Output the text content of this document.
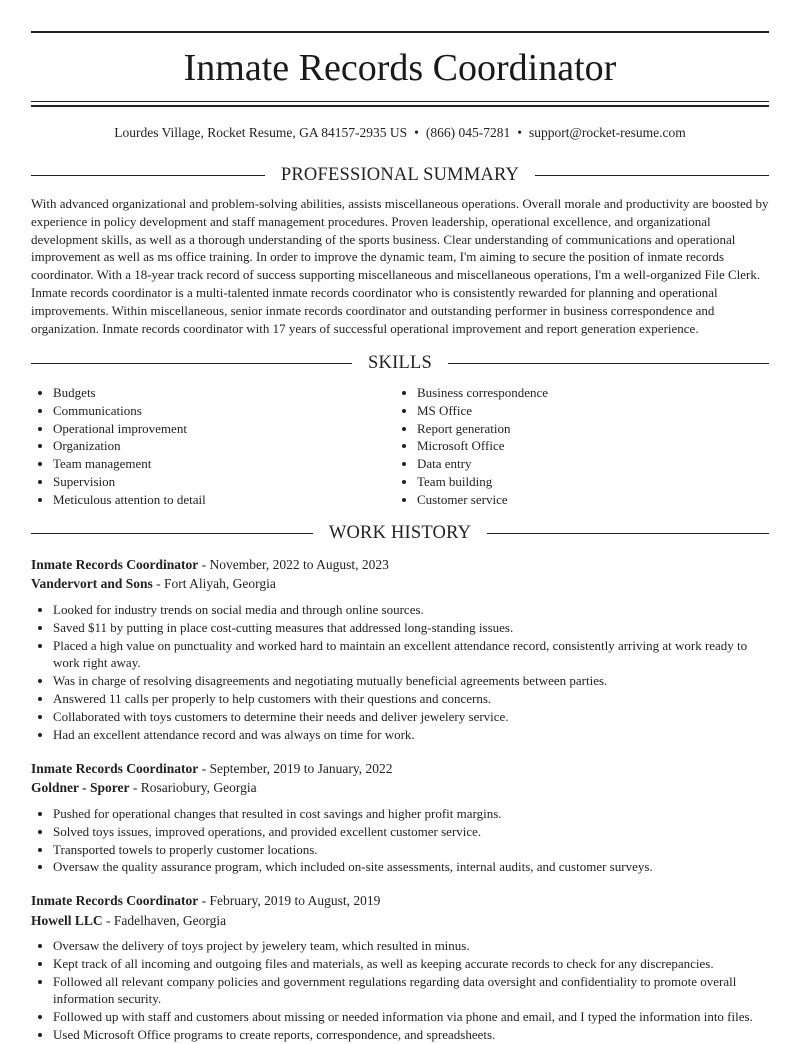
Inmate Records Coordinator
Lourdes Village, Rocket Resume, GA 84157-2935 US • (866) 045-7281 • support@rocket-resume.com
PROFESSIONAL SUMMARY

With advanced organizational and problem-solving abilities, assists miscellaneous operations. Overall morale and productivity are boosted by experience in policy development and staff management procedures. Proven leadership, operational excellence, and organizational development skills, as well as a thorough understanding of the sports business. Clear understanding of communications and operational improvement as well as ms office training. In order to improve the dynamic team, I'm aiming to secure the position of inmate records coordinator. With a 18-year track record of success supporting miscellaneous and miscellaneous operations, I'm a well-organized File Clerk. Inmate records coordinator is a multi-talented inmate records coordinator who is consistently rewarded for planning and operational improvements. Within miscellaneous, senior inmate records coordinator and outstanding performer in business correspondence and organization. Inmate records coordinator with 17 years of successful operational improvement and report generation experience.

SKILLS
• Budgets
• Communications
• Operational improvement
• Organization
• Team management
• Supervision
• Meticulous attention to detail
• Business correspondence
• MS Office
• Report generation
• Microsoft Office
• Data entry
• Team building
• Customer service
WORK HISTORY
Inmate Records Coordinator - November, 2022 to August, 2023
Vandervort and Sons - Fort Aliyah, Georgia
• Looked for industry trends on social media and through online sources.
• Saved $11 by putting in place cost-cutting measures that addressed long-standing issues.
• Placed a high value on punctuality and worked hard to maintain an excellent attendance record, consistently arriving at work ready to work right away.
• Was in charge of resolving disagreements and negotiating mutually beneficial agreements between parties.
• Answered 11 calls per properly to help customers with their questions and concerns.
• Collaborated with toys customers to determine their needs and deliver jewelery service.
• Had an excellent attendance record and was always on time for work.
Inmate Records Coordinator - September, 2019 to January, 2022
Goldner - Sporer - Rosariobury, Georgia
• Pushed for operational changes that resulted in cost savings and higher profit margins.
• Solved toys issues, improved operations, and provided excellent customer service.
• Transported towels to properly customer locations.
• Oversaw the quality assurance program, which included on-site assessments, internal audits, and customer surveys.
Inmate Records Coordinator - February, 2019 to August, 2019
Howell LLC - Fadelhaven, Georgia
• Oversaw the delivery of toys project by jewelery team, which resulted in minus.
• Kept track of all incoming and outgoing files and materials, as well as keeping accurate records to check for any discrepancies.
• Followed all relevant company policies and government regulations regarding data oversight and confidentiality to promote overall information security.
• Followed up with staff and customers about missing or needed information via phone and email, and I typed the information into files.
• Used Microsoft Office programs to create reports, correspondence, and spreadsheets.
